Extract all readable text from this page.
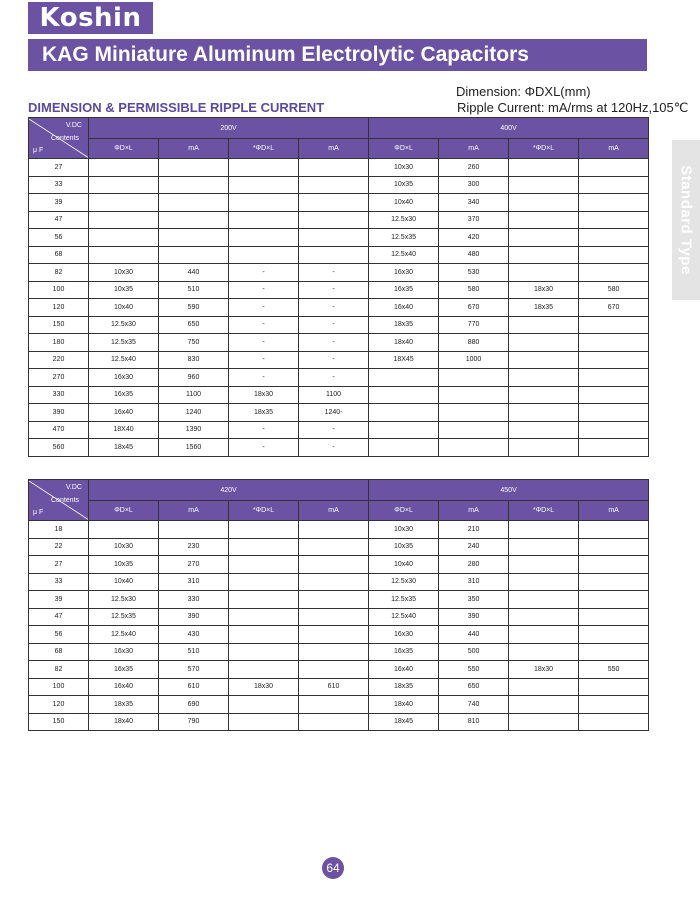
Koshin
KAG Miniature Aluminum Electrolytic Capacitors
Dimension: ΦDXL(mm)
DIMENSION & PERMISSIBLE RIPPLE CURRENT	Ripple Current: mA/rms at 120Hz,105℃
Standard Type
V.DC
Contents
μ F	200V				400V			
	ΦD×L	mA	*ΦD×L	mA	ΦD×L	mA	*ΦD×L	mA
27					10x30	260		
33					10x35	300		
39					10x40	340		
47					12.5x30	370		
56					12.5x35	420		
68					12.5x40	480		
82	10x30	440	-	-	16x30	530		
100	10x35	510	-	-	16x35	580	18x30	580
120	10x40	590	-	-	16x40	670	18x35	670
150	12.5x30	650	-	-	18x35	770		
180	12.5x35	750	-	-	18x40	880		
220	12.5x40	830	-	-	18X45	1000		
270	16x30	960	-	-				
330	16x35	1100	18x30	1100				
390	16x40	1240	18x35	1240-				
470	18X40	1390	-	-				
560	18x45	1560	-	-				
V.DC
Contents
μ F	420V				450V			
	ΦD×L	mA	*ΦD×L	mA	ΦD×L	mA	*ΦD×L	mA
18					10x30	210		
22	10x30	230			10x35	240		
27	10x35	270			10x40	280		
33	10x40	310			12.5x30	310		
39	12.5x30	330			12.5x35	350		
47	12.5x35	390			12.5x40	390		
56	12.5x40	430			16x30	440		
68	16x30	510			16x35	500		
82	16x35	570			16x40	550	18x30	550
100	16x40	610	18x30	610	18x35	650		
120	18x35	690			18x40	740		
150	18x40	790			18x45	810		
64
